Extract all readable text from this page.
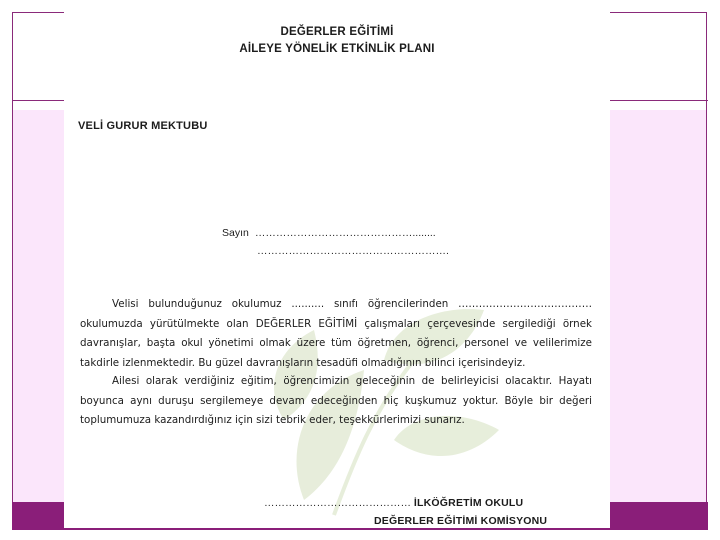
DEĞERLER EĞİTİMİ
AİLEYE YÖNELİK ETKİNLİK PLANI
VELİ GURUR MEKTUBU
Sayın ………………………………………........
……………………………………………….
Velisi bulunduğunuz okulumuz .......... sınıfı öğrencilerinden ………………………………… okulumuzda yürütülmekte olan DEĞERLER EĞİTİMİ çalışmaları çerçevesinde sergilediği örnek davranışlar, başta okul yönetimi olmak üzere tüm öğretmen, öğrenci, personel ve velilerimize takdirle izlenmektedir. Bu güzel davranışların tesadüfi olmadığının bilinci içerisindeyiz.
Ailesi olarak verdiğiniz eğitim, öğrencimizin geleceğinin de belirleyicisi olacaktır. Hayatı boyunca aynı duruşu sergilemeye devam edeceğinden hiç kuşkumuz yoktur. Böyle bir değeri toplumumuza kazandırdığınız için sizi tebrik eder, teşekkürlerimizi sunarız.
…………………………………… İLKÖĞRETİM OKULU
DEĞERLER EĞİTİMİ KOMİSYONU
